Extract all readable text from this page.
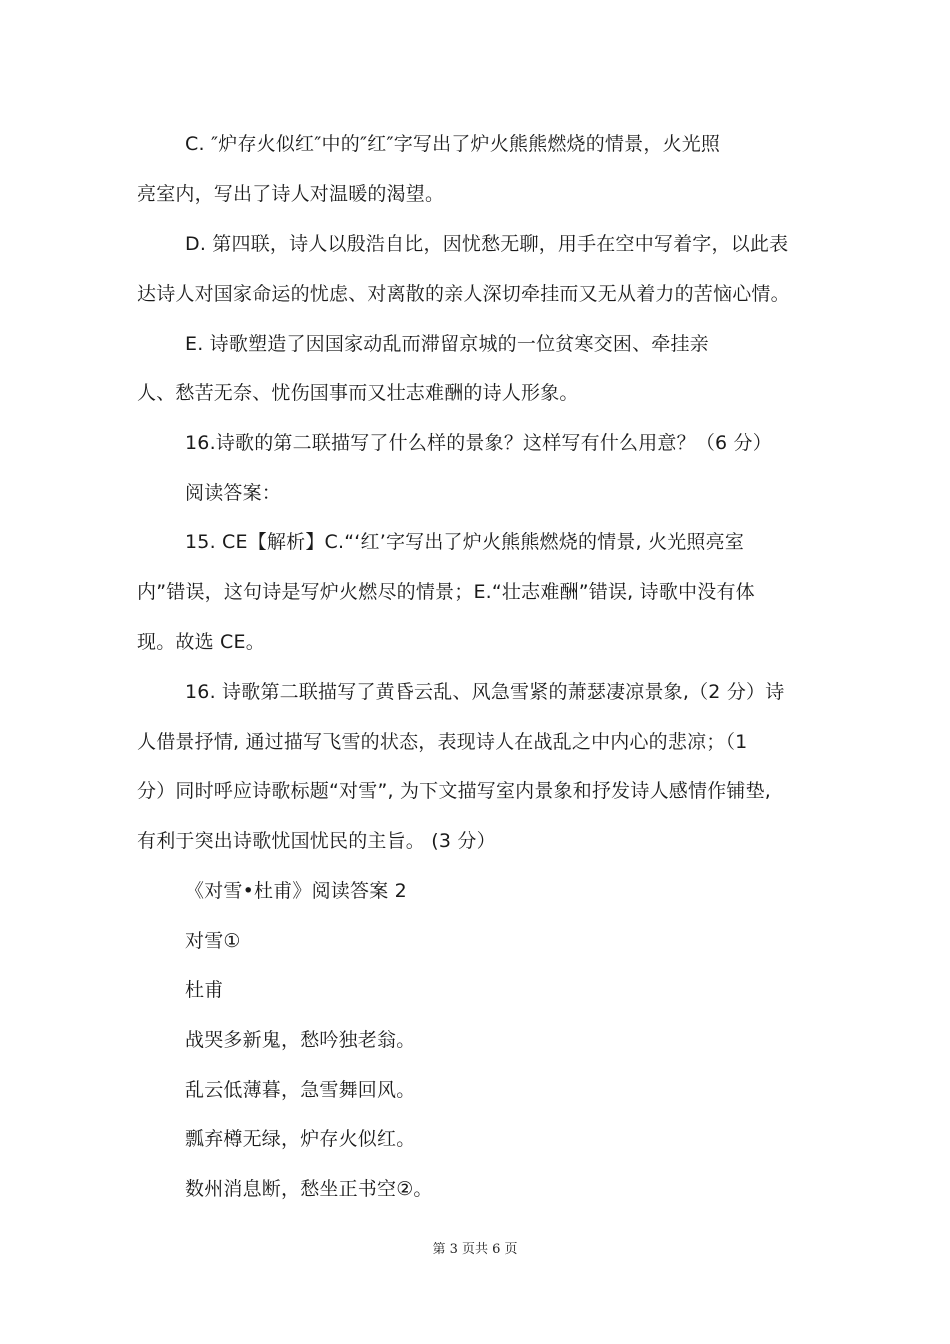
C. ″炉存火似红″中的″红″字写出了炉火熊熊燃烧的情景，火光照
亮室内，写出了诗人对温暖的渴望。
D. 第四联，诗人以殷浩自比，因忧愁无聊，用手在空中写着字，以此表
达诗人对国家命运的忧虑、对离散的亲人深切牵挂而又无从着力的苦恼心情。
E. 诗歌塑造了因国家动乱而滞留京城的一位贫寒交困、牵挂亲
人、愁苦无奈、忧伤国事而又壮志难酬的诗人形象。
16.诗歌的第二联描写了什么样的景象？这样写有什么用意？（6 分）
阅读答案：
15. CE【解析】C.“‘红’字写出了炉火熊熊燃烧的情景, 火光照亮室
内”错误，这句诗是写炉火燃尽的情景；E.“壮志难酬”错误, 诗歌中没有体
现。故选 CE。
16. 诗歌第二联描写了黄昏云乱、风急雪紧的萧瑟凄凉景象,（2 分）诗
人借景抒情, 通过描写飞雪的状态，表现诗人在战乱之中内心的悲凉；（1
分）同时呼应诗歌标题“对雪”, 为下文描写室内景象和抒发诗人感情作铺垫,
有利于突出诗歌忧国忧民的主旨。 (3 分）
《对雪•杜甫》阅读答案 2
对雪①
杜甫
战哭多新鬼，愁吟独老翁。
乱云低薄暮，急雪舞回风。
瓢弃樽无绿，炉存火似红。
数州消息断，愁坐正书空②。
第 3 页共 6 页
